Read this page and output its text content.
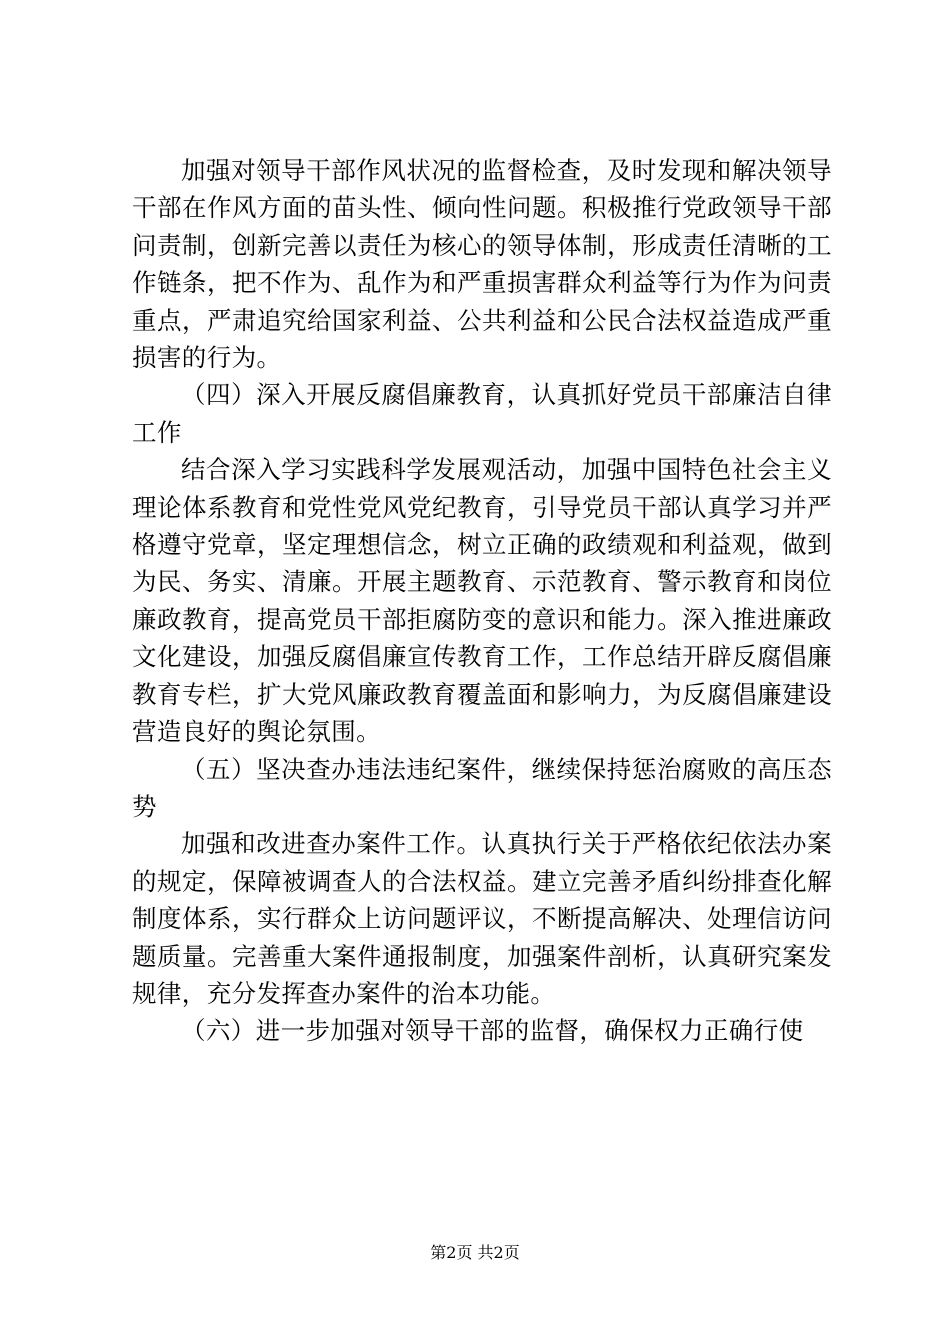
加强对领导干部作风状况的监督检查，及时发现和解决领导干部在作风方面的苗头性、倾向性问题。积极推行党政领导干部问责制，创新完善以责任为核心的领导体制，形成责任清晰的工作链条，把不作为、乱作为和严重损害群众利益等行为作为问责重点，严肃追究给国家利益、公共利益和公民合法权益造成严重损害的行为。

（四）深入开展反腐倡廉教育，认真抓好党员干部廉洁自律工作

结合深入学习实践科学发展观活动，加强中国特色社会主义理论体系教育和党性党风党纪教育，引导党员干部认真学习并严格遵守党章，坚定理想信念，树立正确的政绩观和利益观，做到为民、务实、清廉。开展主题教育、示范教育、警示教育和岗位廉政教育，提高党员干部拒腐防变的意识和能力。深入推进廉政文化建设，加强反腐倡廉宣传教育工作，工作总结开辟反腐倡廉教育专栏，扩大党风廉政教育覆盖面和影响力，为反腐倡廉建设营造良好的舆论氛围。

（五）坚决查办违法违纪案件，继续保持惩治腐败的高压态势

加强和改进查办案件工作。认真执行关于严格依纪依法办案的规定，保障被调查人的合法权益。建立完善矛盾纠纷排查化解制度体系，实行群众上访问题评议，不断提高解决、处理信访问题质量。完善重大案件通报制度，加强案件剖析，认真研究案发规律，充分发挥查办案件的治本功能。

（六）进一步加强对领导干部的监督，确保权力正确行使

第2页 共2页
